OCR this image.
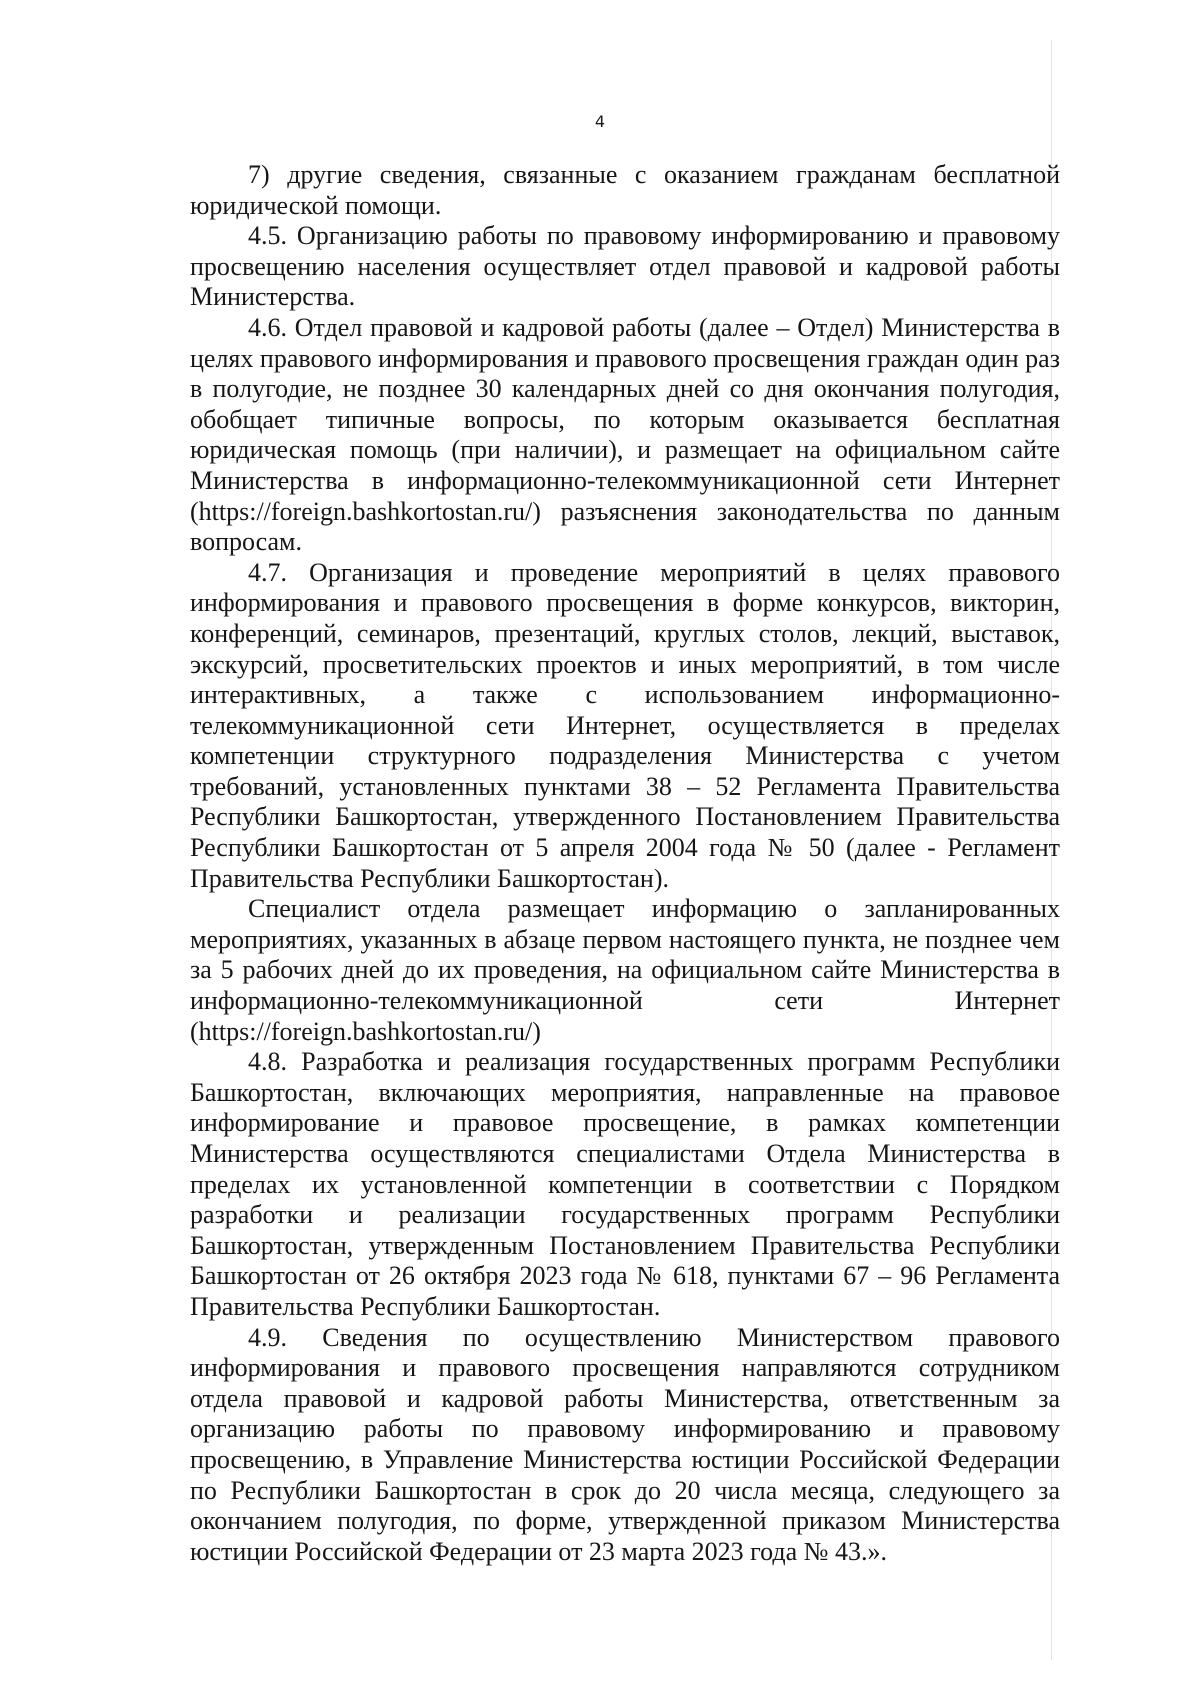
4

7) другие сведения, связанные с оказанием гражданам бесплатной юридической помощи.

4.5. Организацию работы по правовому информированию и правовому просвещению населения осуществляет отдел правовой и кадровой работы Министерства.

4.6. Отдел правовой и кадровой работы (далее – Отдел) Министерства в целях правового информирования и правового просвещения граждан один раз в полугодие, не позднее 30 календарных дней со дня окончания полугодия, обобщает типичные вопросы, по которым оказывается бесплатная юридическая помощь (при наличии), и размещает на официальном сайте Министерства в информационно-телекоммуникационной сети Интернет (https://foreign.bashkortostan.ru/) разъяснения законодательства по данным вопросам.

4.7. Организация и проведение мероприятий в целях правового информирования и правового просвещения в форме конкурсов, викторин, конференций, семинаров, презентаций, круглых столов, лекций, выставок, экскурсий, просветительских проектов и иных мероприятий, в том числе интерактивных, а также с использованием информационно-телекоммуникационной сети Интернет, осуществляется в пределах компетенции структурного подразделения Министерства с учетом требований, установленных пунктами 38 – 52 Регламента Правительства Республики Башкортостан, утвержденного Постановлением Правительства Республики Башкортостан от 5 апреля 2004 года № 50 (далее - Регламент Правительства Республики Башкортостан).

Специалист отдела размещает информацию о запланированных мероприятиях, указанных в абзаце первом настоящего пункта, не позднее чем за 5 рабочих дней до их проведения, на официальном сайте Министерства в информационно-телекоммуникационной сети Интернет (https://foreign.bashkortostan.ru/)

4.8. Разработка и реализация государственных программ Республики Башкортостан, включающих мероприятия, направленные на правовое информирование и правовое просвещение, в рамках компетенции Министерства осуществляются специалистами Отдела Министерства в пределах их установленной компетенции в соответствии с Порядком разработки и реализации государственных программ Республики Башкортостан, утвержденным Постановлением Правительства Республики Башкортостан от 26 октября 2023 года № 618, пунктами 67 – 96 Регламента Правительства Республики Башкортостан.

4.9. Сведения по осуществлению Министерством правового информирования и правового просвещения направляются сотрудником отдела правовой и кадровой работы Министерства, ответственным за организацию работы по правовому информированию и правовому просвещению, в Управление Министерства юстиции Российской Федерации по Республики Башкортостан в срок до 20 числа месяца, следующего за окончанием полугодия, по форме, утвержденной приказом Министерства юстиции Российской Федерации от 23 марта 2023 года № 43.».
